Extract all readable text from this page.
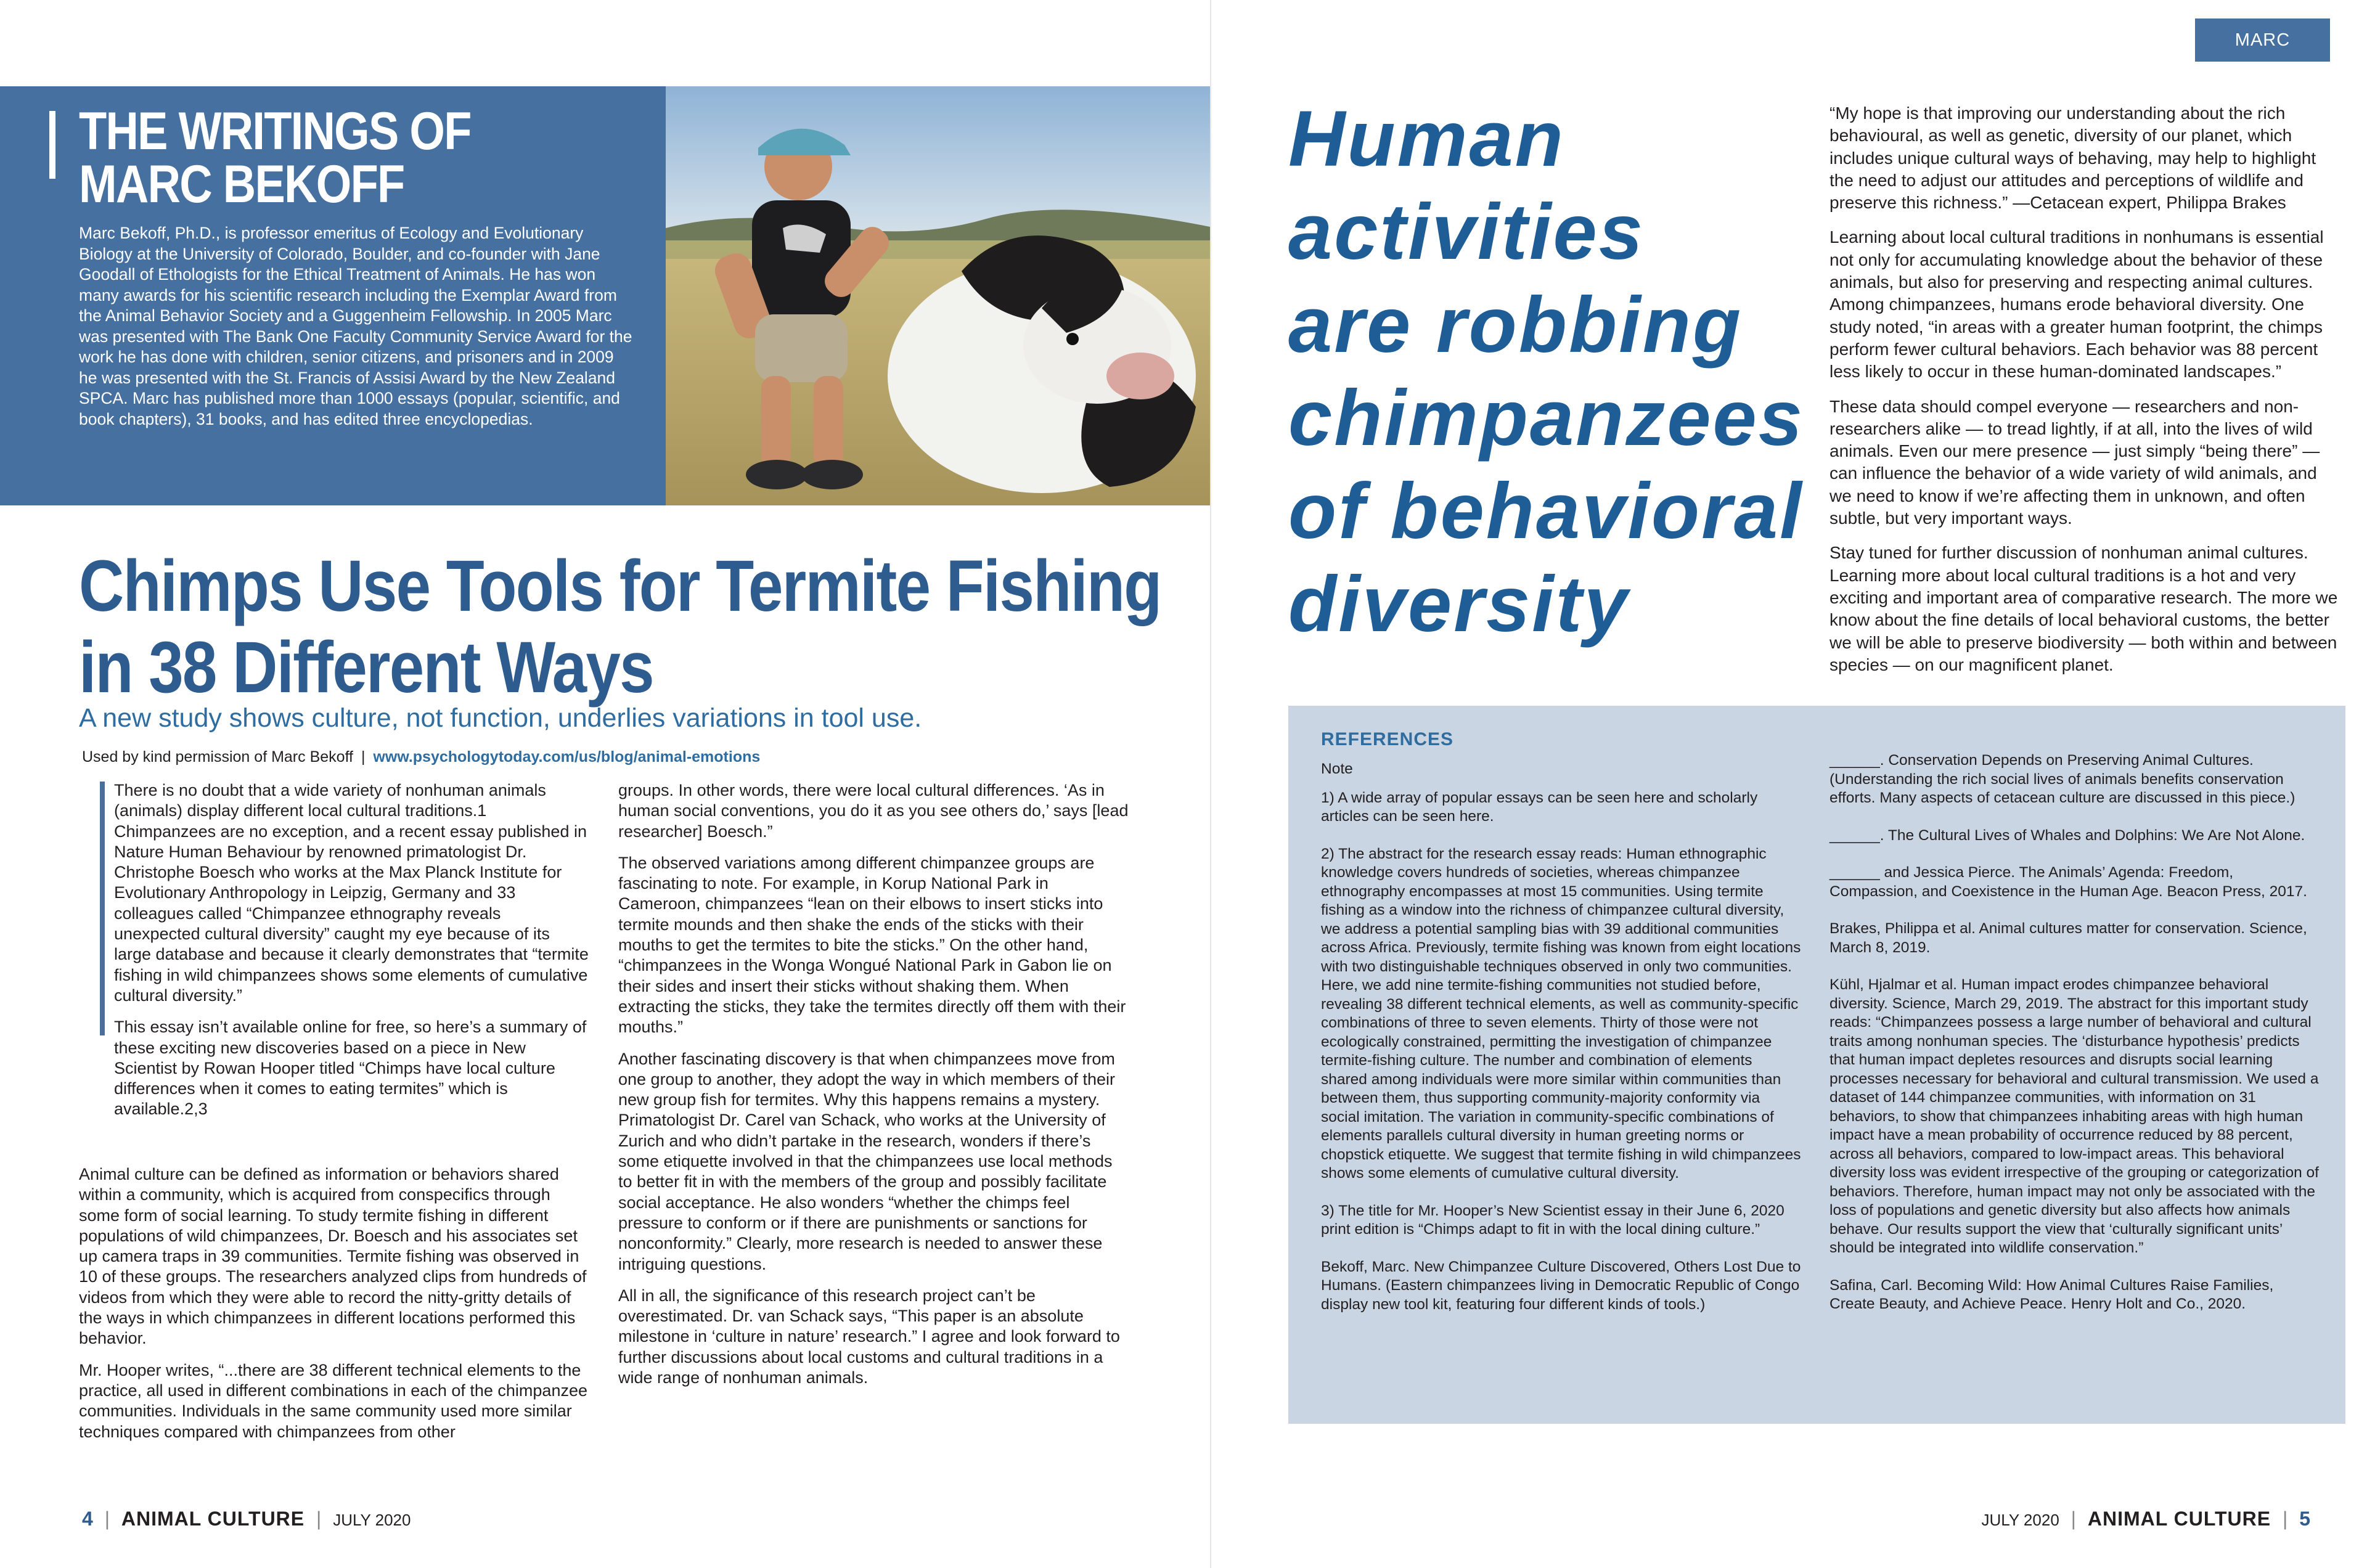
THE WRITINGS OF
MARC BEKOFF
Marc Bekoff, Ph.D., is professor emeritus of Ecology and Evolutionary Biology at the University of Colorado, Boulder, and co-founder with Jane Goodall of Ethologists for the Ethical Treatment of Animals. He has won many awards for his scientific research including the Exemplar Award from the Animal Behavior Society and a Guggenheim Fellowship. In 2005 Marc was presented with The Bank One Faculty Community Service Award for the work he has done with children, senior citizens, and prisoners and in 2009 he was presented with the St. Francis of Assisi Award by the New Zealand SPCA. Marc has published more than 1000 essays (popular, scientific, and book chapters), 31 books, and has edited three encyclopedias.
Chimps Use Tools for Termite Fishing
in 38 Different Ways
A new study shows culture, not function, underlies variations in tool use.
Used by kind permission of Marc Bekoff | www.psychologytoday.com/us/blog/animal-emotions

There is no doubt that a wide variety of nonhuman animals (animals) display different local cultural traditions.1 Chimpanzees are no exception, and a recent essay published in Nature Human Behaviour by renowned primatologist Dr. Christophe Boesch who works at the Max Planck Institute for Evolutionary Anthropology in Leipzig, Germany and 33 colleagues called “Chimpanzee ethnography reveals unexpected cultural diversity” caught my eye because of its large database and because it clearly demonstrates that “termite fishing in wild chimpanzees shows some elements of cumulative cultural diversity.”

This essay isn’t available online for free, so here’s a summary of these exciting new discoveries based on a piece in New Scientist by Rowan Hooper titled “Chimps have local culture differences when it comes to eating termites” which is available.2,3

Animal culture can be defined as information or behaviors shared within a community, which is acquired from conspecifics through some form of social learning. To study termite fishing in different populations of wild chimpanzees, Dr. Boesch and his associates set up camera traps in 39 communities. Termite fishing was observed in 10 of these groups. The researchers analyzed clips from hundreds of videos from which they were able to record the nitty-gritty details of the ways in which chimpanzees in different locations performed this behavior.

Mr. Hooper writes, “...there are 38 different technical elements to the practice, all used in different combinations in each of the chimpanzee communities. Individuals in the same community used more similar techniques compared with chimpanzees from other

groups. In other words, there were local cultural differences. ‘As in human social conventions, you do it as you see others do,’ says [lead researcher] Boesch.”

The observed variations among different chimpanzee groups are fascinating to note. For example, in Korup National Park in Cameroon, chimpanzees “lean on their elbows to insert sticks into termite mounds and then shake the ends of the sticks with their mouths to get the termites to bite the sticks.” On the other hand, “chimpanzees in the Wonga Wongué National Park in Gabon lie on their sides and insert their sticks without shaking them. When extracting the sticks, they take the termites directly off them with their mouths.”

Another fascinating discovery is that when chimpanzees move from one group to another, they adopt the way in which members of their new group fish for termites. Why this happens remains a mystery. Primatologist Dr. Carel van Schack, who works at the University of Zurich and who didn’t partake in the research, wonders if there’s some etiquette involved in that the chimpanzees use local methods to better fit in with the members of the group and possibly facilitate social acceptance. He also wonders “whether the chimps feel pressure to conform or if there are punishments or sanctions for nonconformity.” Clearly, more research is needed to answer these intriguing questions.

All in all, the significance of this research project can’t be overestimated. Dr. van Schack says, “This paper is an absolute milestone in ‘culture in nature’ research.” I agree and look forward to further discussions about local customs and cultural traditions in a wide range of nonhuman animals.

4 | ANIMAL CULTURE | JULY 2020
MARC BEKOFF
Human
activities
are robbing
chimpanzees
of behavioral
diversity

“My hope is that improving our understanding about the rich behavioural, as well as genetic, diversity of our planet, which includes unique cultural ways of behaving, may help to highlight the need to adjust our attitudes and perceptions of wildlife and preserve this richness.” —Cetacean expert, Philippa Brakes

Learning about local cultural traditions in nonhumans is essential not only for accumulating knowledge about the behavior of these animals, but also for preserving and respecting animal cultures. Among chimpanzees, humans erode behavioral diversity. One study noted, “in areas with a greater human footprint, the chimps perform fewer cultural behaviors. Each behavior was 88 percent less likely to occur in these human-dominated landscapes.”

These data should compel everyone — researchers and non-researchers alike — to tread lightly, if at all, into the lives of wild animals. Even our mere presence — just simply “being there” — can influence the behavior of a wide variety of wild animals, and we need to know if we’re affecting them in unknown, and often subtle, but very important ways.

Stay tuned for further discussion of nonhuman animal cultures. Learning more about local cultural traditions is a hot and very exciting and important area of comparative research. The more we know about the fine details of local behavioral customs, the better we will be able to preserve biodiversity — both within and between species — on our magnificent planet.

REFERENCES

Note

1) A wide array of popular essays can be seen here and scholarly articles can be seen here.

2) The abstract for the research essay reads: Human ethnographic knowledge covers hundreds of societies, whereas chimpanzee ethnography encompasses at most 15 communities. Using termite fishing as a window into the richness of chimpanzee cultural diversity, we address a potential sampling bias with 39 additional communities across Africa. Previously, termite fishing was known from eight locations with two distinguishable techniques observed in only two communities. Here, we add nine termite-fishing communities not studied before, revealing 38 different technical elements, as well as community-specific combinations of three to seven elements. Thirty of those were not ecologically constrained, permitting the investigation of chimpanzee termite-fishing culture. The number and combination of elements shared among individuals were more similar within communities than between them, thus supporting community-majority conformity via social imitation. The variation in community-specific combinations of elements parallels cultural diversity in human greeting norms or chopstick etiquette. We suggest that termite fishing in wild chimpanzees shows some elements of cumulative cultural diversity.

3) The title for Mr. Hooper’s New Scientist essay in their June 6, 2020 print edition is “Chimps adapt to fit in with the local dining culture.”

Bekoff, Marc. New Chimpanzee Culture Discovered, Others Lost Due to Humans. (Eastern chimpanzees living in Democratic Republic of Congo display new tool kit, featuring four different kinds of tools.)

______. Conservation Depends on Preserving Animal Cultures. (Understanding the rich social lives of animals benefits conservation efforts. Many aspects of cetacean culture are discussed in this piece.)

______. The Cultural Lives of Whales and Dolphins: We Are Not Alone.

______ and Jessica Pierce. The Animals’ Agenda: Freedom, Compassion, and Coexistence in the Human Age. Beacon Press, 2017.

Brakes, Philippa et al. Animal cultures matter for conservation. Science, March 8, 2019.

Kühl, Hjalmar et al. Human impact erodes chimpanzee behavioral diversity. Science, March 29, 2019. The abstract for this important study reads: “Chimpanzees possess a large number of behavioral and cultural traits among nonhuman species. The ‘disturbance hypothesis’ predicts that human impact depletes resources and disrupts social learning processes necessary for behavioral and cultural transmission. We used a dataset of 144 chimpanzee communities, with information on 31 behaviors, to show that chimpanzees inhabiting areas with high human impact have a mean probability of occurrence reduced by 88 percent, across all behaviors, compared to low-impact areas. This behavioral diversity loss was evident irrespective of the grouping or categorization of behaviors. Therefore, human impact may not only be associated with the loss of populations and genetic diversity but also affects how animals behave. Our results support the view that ‘culturally significant units’ should be integrated into wildlife conservation.”

Safina, Carl. Becoming Wild: How Animal Cultures Raise Families, Create Beauty, and Achieve Peace. Henry Holt and Co., 2020.

JULY 2020 | ANIMAL CULTURE | 5
